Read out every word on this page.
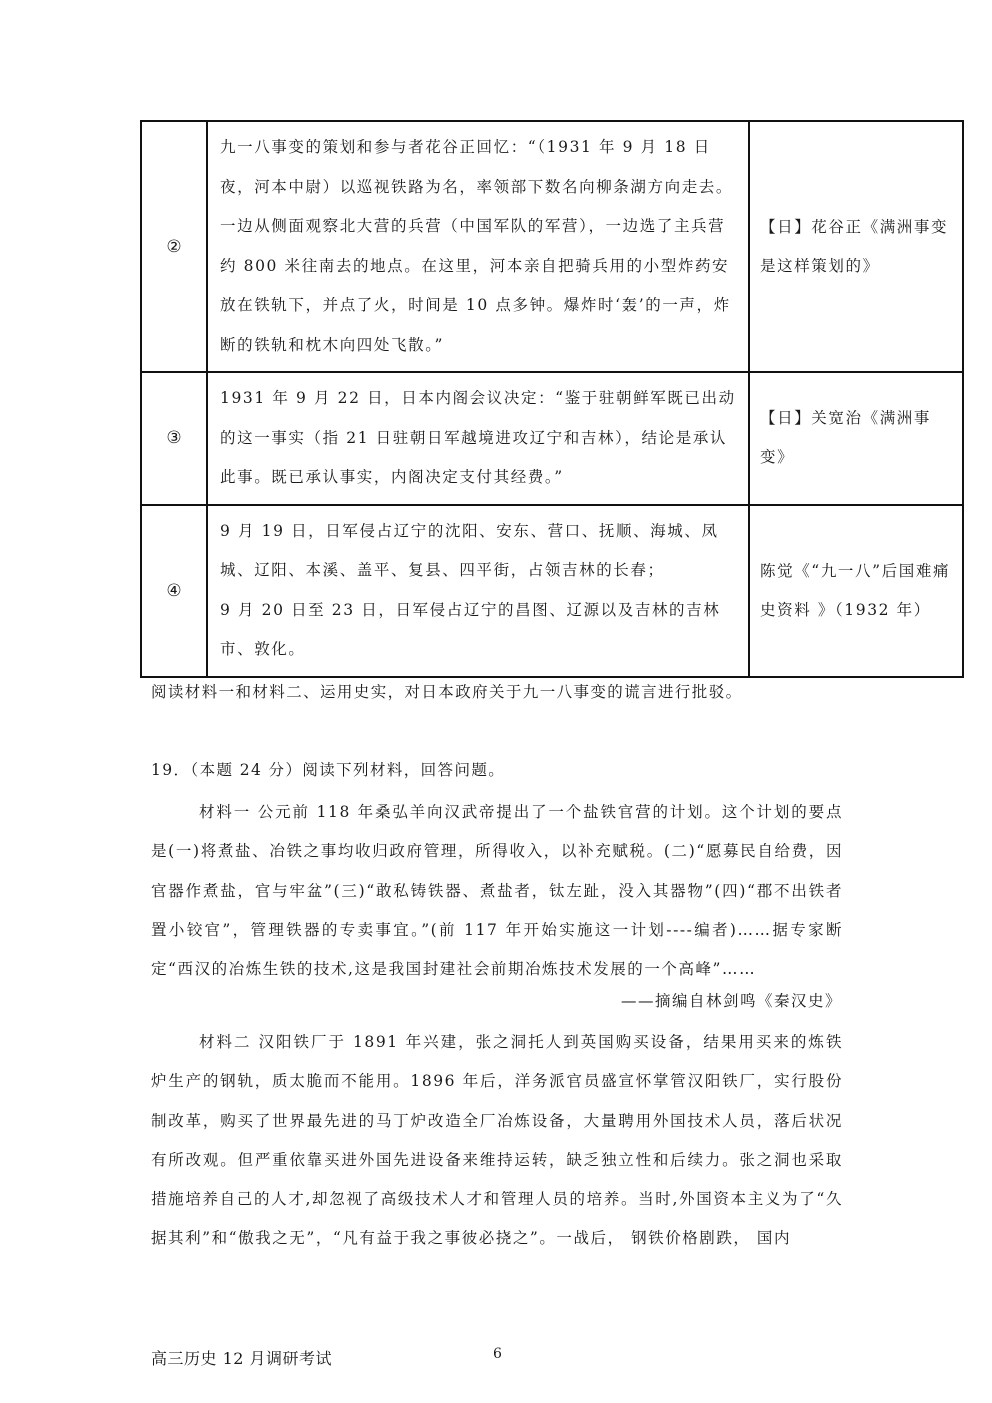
②	九一八事变的策划和参与者花谷正回忆：“（1931 年 9 月 18 日夜，河本中尉）以巡视铁路为名，率领部下数名向柳条湖方向走去。一边从侧面观察北大营的兵营（中国军队的军营），一边选了主兵营约 800 米往南去的地点。在这里，河本亲自把骑兵用的小型炸药安放在铁轨下，并点了火，时间是 10 点多钟。爆炸时‘轰’的一声，炸断的铁轨和枕木向四处飞散。”	【日】花谷正《满洲事变是这样策划的》
③	1931 年 9 月 22 日，日本内阁会议决定：“鉴于驻朝鲜军既已出动的这一事实（指 21 日驻朝日军越境进攻辽宁和吉林），结论是承认此事。既已承认事实，内阁决定支付其经费。”	【日】关宽治《满洲事变》
④	9 月 19 日，日军侵占辽宁的沈阳、安东、营口、抚顺、海城、凤城、辽阳、本溪、盖平、复县、四平街，占领吉林的长春；
9 月 20 日至 23 日，日军侵占辽宁的昌图、辽源以及吉林的吉林市、敦化。	陈觉《“九一八”后国难痛史资料 》（1932 年）
阅读材料一和材料二、运用史实，对日本政府关于九一八事变的谎言进行批驳。
19．（本题 24 分）阅读下列材料，回答问题。
材料一 公元前 118 年桑弘羊向汉武帝提出了一个盐铁官营的计划。这个计划的要点是(一)将煮盐、冶铁之事均收归政府管理，所得收入，以补充赋税。(二)“愿募民自给费，因官器作煮盐，官与牢盆”(三)“敢私铸铁器、煮盐者，钛左趾，没入其器物”(四)“郡不出铁者置小铰官”，管理铁器的专卖事宜。”(前 117 年开始实施这一计划----编者)……据专家断定“西汉的冶炼生铁的技术,这是我国封建社会前期冶炼技术发展的一个高峰”……
——摘编自林剑鸣《秦汉史》
材料二 汉阳铁厂于 1891 年兴建，张之洞托人到英国购买设备，结果用买来的炼铁炉生产的钢轨，质太脆而不能用。1896 年后，洋务派官员盛宣怀掌管汉阳铁厂，实行股份制改革，购买了世界最先进的马丁炉改造全厂冶炼设备，大量聘用外国技术人员，落后状况有所改观。但严重依靠买进外国先进设备来维持运转，缺乏独立性和后续力。张之洞也采取措施培养自己的人才,却忽视了高级技术人才和管理人员的培养。当时,外国资本主义为了“久据其利”和“傲我之无”，“凡有益于我之事彼必挠之”。一战后， 钢铁价格剧跌， 国内
高三历史 12 月调研考试	6
